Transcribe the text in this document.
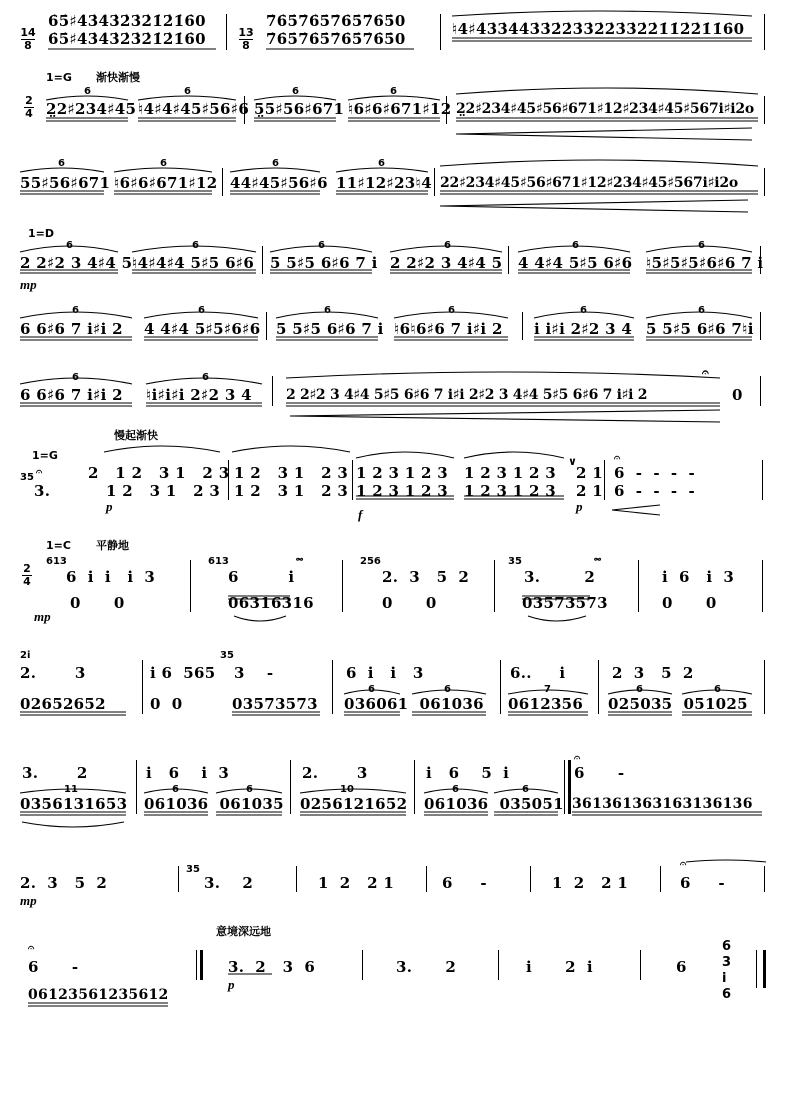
14
8
6̇5̇♯4̇3̇4̇3̇2̇3̇2̇1̇2̇1̇6̇0
6̇5̇♯4̇3̇4̇3̇2̇3̇2̇1̇2̇1̇6̇0	13
8
7̇6̇5̇7̇6̇5̇7̇6̇5̇7̇6̇5̇0
7̇6̇5̇7̇6̇5̇7̇6̇5̇7̇6̇5̇0
♮4♯4̇3̇3̇4̇4̇3̇3̇2̇2̇3̇3̇2̇2̇3̇3̇2̇2̇1̇1̇2̇2̇1̇1̇6̇0
1=G 渐快渐慢
2
4
6	6	6	6
2̤2♯234♯45 ♮4♯4♯45♯56♯6 5̤5♯56♯671 ♮6♯6♯671♯12 2̤2♯234♯45♯56♯671♯12♯234♯45♯567i♯i2o
6	6	6	6
55♯56♯671 ♮6♯6♯671♯12 44♯45♯56♯6 11♯12♯23♮4 22♯234♯45♯56♯671♯12♯234♯45♯567i♯i2o
1=D
6	6	6	6	6	6
2 2♯2 3 4♯4 5 ♮4♯4♯4 5♯5 6♯6 5 5♯5 6♯6 7 i 2 2♯2 3 4♯4 5 4 4♯4 5♯5 6♯6 ♮5♯5♯5♯6♯6 7 i
mp
6	6	6	6	6	6
6 6♯6 7 i♯i 2 4 4♯4 5♯5♯6♯6 5 5♯5 6♯6 7 i ♮6♮6♯6 7 i♯i 2 i i♯i 2♯2 3 4 5 5♯5 6♯6 7♮i
6	6
6 6♯6 7 i♯i 2 ♮i♯i♯i 2♯2 3 4 2 2♯2 3 4♯4 5♯5 6♯6 7 i♯i 2♯2 3 4♯4 5♯5 6♯6 7 i♯i 2
𝄐
0
1=G
慢起渐快
35 𝄐
3.
2   1 2   3 1   2 3
1 2   3 1   2 3
p
1 2   3 1   2 3
1 2   3 1   2 3
1 2 3 1 2 3
1 2 3 1 2 3
f
1 2 3 1 2 3
1 2 3 1 2 3
∨
2 1
2 1
p
𝄐
6  -  -  -  -
6  -  -  -  -
1=C 平静地
2
4
613
6  i  i   i  3
0      0
mp
613
6         i
𝆗
06316316
256
2.  3   5  2
0      0
35
3.        2
𝆗
03573573
i  6   i  3
0      0
2i
2.       3
02652652
i 6  565
0  0
35
3    -
03573573
6  i   i   3
6	6
036061  061036
6..     i
7
0612356
2  3   5  2
6	6
025035  051025
3.       2
11
0356131653
i   6    i  3
6	6
061036  061035
2.       3
10
0256121652
i   6    5  i
6	6
061036  035051
𝄐
6      -
361361363163136136
2.  3   5  2
mp
35
3.    2	1  2   2 1	6     -	1  2   2 1
𝄐
6     -
意境深远地
𝄐
6      -
06123561235612
3.  2   3  6
p
3.      2	i      2  i	6
6
3
i
6
